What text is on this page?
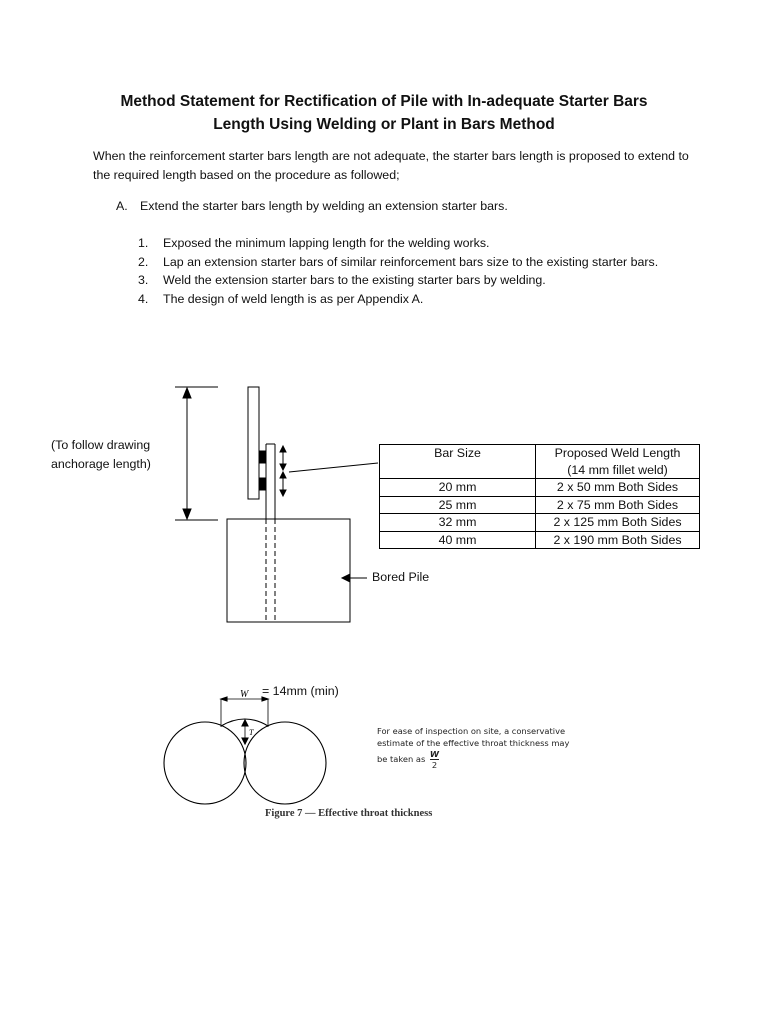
Method Statement for Rectification of Pile with In-adequate Starter Bars
Length Using Welding or Plant in Bars Method
When the reinforcement starter bars length are not adequate, the starter bars length is proposed to extend to the required length based on the procedure as followed;
A. Extend the starter bars length by welding an extension starter bars.
1.	Exposed the minimum lapping length for the welding works.
2.	Lap an extension starter bars of similar reinforcement bars size to the existing starter bars.
3.	Weld the extension starter bars to the existing starter bars by welding.
4.	The design of weld length is as per Appendix A.
W
T
(To follow drawing anchorage length)
Bored Pile
Bar Size	Proposed Weld Length
(14 mm fillet weld)

20 mm	2 x 50 mm Both Sides
25 mm	2 x 75 mm Both Sides
32 mm	2 x 125 mm Both Sides
40 mm	2 x 190 mm Both Sides
= 14mm (min)
For ease of inspection on site, a conservative
estimate of the effective throat thickness may
be taken as $\frac{W}{2}$
Figure 7 — Effective throat thickness
